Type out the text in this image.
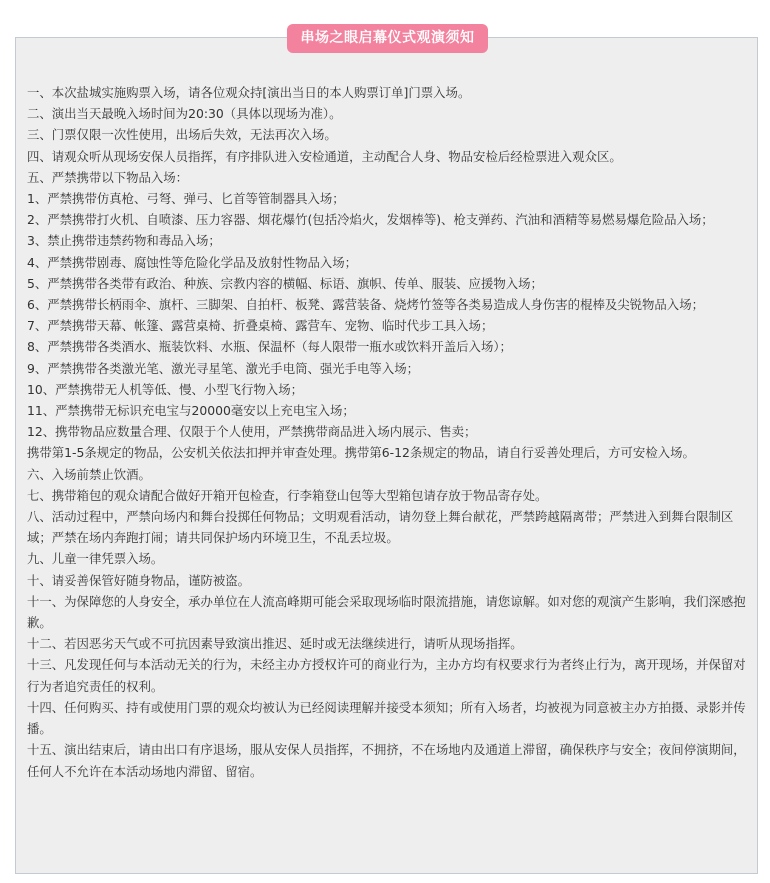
串场之眼启幕仪式观演须知
一、本次盐城实施购票入场，请各位观众持[演出当日的本人购票订单]门票入场。
二、演出当天最晚入场时间为20:30（具体以现场为准）。
三、门票仅限一次性使用，出场后失效，无法再次入场。
四、请观众听从现场安保人员指挥，有序排队进入安检通道，主动配合人身、物品安检后经检票进入观众区。
五、严禁携带以下物品入场：
1、严禁携带仿真枪、弓弩、弹弓、匕首等管制器具入场；
2、严禁携带打火机、自喷漆、压力容器、烟花爆竹(包括冷焰火，发烟棒等)、枪支弹药、汽油和酒精等易燃易爆危险品入场；
3、禁止携带违禁药物和毒品入场；
4、严禁携带剧毒、腐蚀性等危险化学品及放射性物品入场；
5、严禁携带各类带有政治、种族、宗教内容的横幅、标语、旗帜、传单、服装、应援物入场；
6、严禁携带长柄雨伞、旗杆、三脚架、自拍杆、板凳、露营装备、烧烤竹签等各类易造成人身伤害的棍棒及尖锐物品入场；
7、严禁携带天幕、帐篷、露营桌椅、折叠桌椅、露营车、宠物、临时代步工具入场；
8、严禁携带各类酒水、瓶装饮料、水瓶、保温杯（每人限带一瓶水或饮料开盖后入场）；
9、严禁携带各类激光笔、激光寻星笔、激光手电筒、强光手电等入场；
10、严禁携带无人机等低、慢、小型飞行物入场；
11、严禁携带无标识充电宝与20000毫安以上充电宝入场；
12、携带物品应数量合理、仅限于个人使用，严禁携带商品进入场内展示、售卖；
携带第1-5条规定的物品，公安机关依法扣押并审查处理。携带第6-12条规定的物品，请自行妥善处理后，方可安检入场。
六、入场前禁止饮酒。
七、携带箱包的观众请配合做好开箱开包检查，行李箱登山包等大型箱包请存放于物品寄存处。
八、活动过程中，严禁向场内和舞台投掷任何物品；文明观看活动，请勿登上舞台献花，严禁跨越隔离带；严禁进入到舞台限制区域；严禁在场内奔跑打闹；请共同保护场内环境卫生，不乱丢垃圾。
九、儿童一律凭票入场。
十、请妥善保管好随身物品，谨防被盗。
十一、为保障您的人身安全，承办单位在人流高峰期可能会采取现场临时限流措施，请您谅解。如对您的观演产生影响，我们深感抱歉。
十二、若因恶劣天气或不可抗因素导致演出推迟、延时或无法继续进行，请听从现场指挥。
十三、凡发现任何与本活动无关的行为，未经主办方授权许可的商业行为，主办方均有权要求行为者终止行为，离开现场，并保留对行为者追究责任的权利。
十四、任何购买、持有或使用门票的观众均被认为已经阅读理解并接受本须知；所有入场者，均被视为同意被主办方拍摄、录影并传播。
十五、演出结束后，请由出口有序退场，服从安保人员指挥，不拥挤，不在场地内及通道上滞留，确保秩序与安全；夜间停演期间，任何人不允许在本活动场地内滞留、留宿。
